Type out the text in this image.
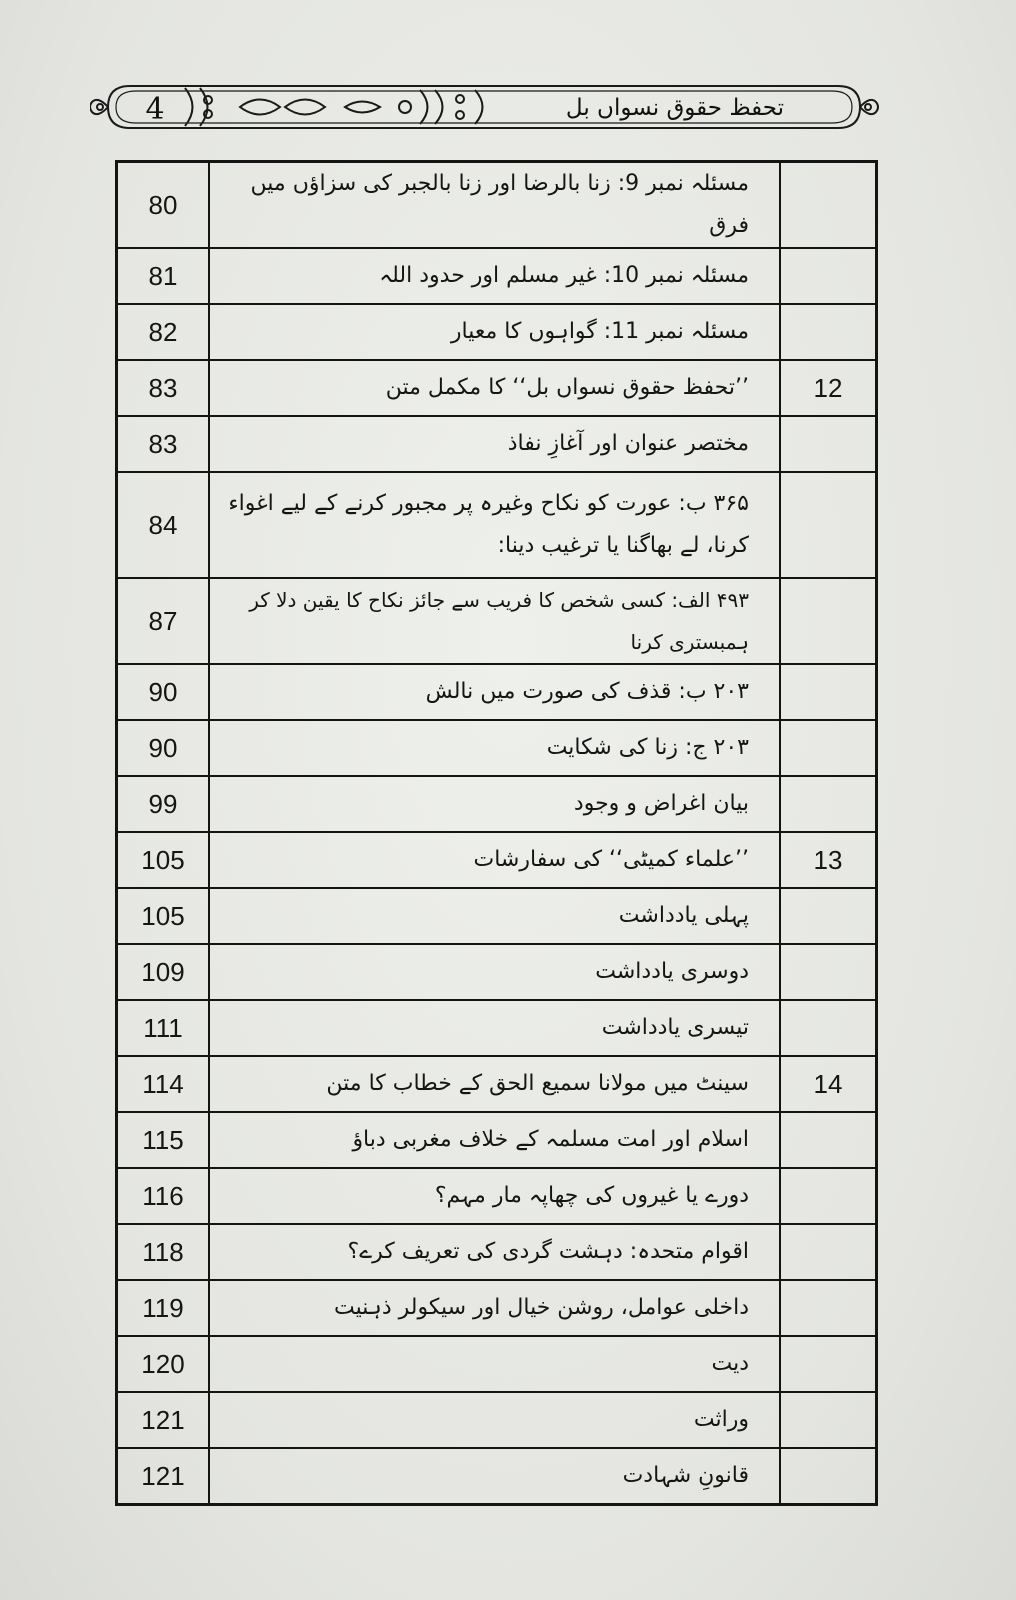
4	تحفظ حقوق نسواں بل
80	مسئلہ نمبر 9: زنا بالرضا اور زنا بالجبر کی سزاؤں میں فرق	
81	مسئلہ نمبر 10: غیر مسلم اور حدود اللہ	
82	مسئلہ نمبر 11: گواہوں کا معیار	
83	’’تحفظ حقوق نسواں بل‘‘ کا مکمل متن	12
83	مختصر عنوان اور آغازِ نفاذ	
84	۳۶۵ ب: عورت کو نکاح وغیرہ پر مجبور کرنے کے لیے اغواء کرنا، لے بھاگنا یا ترغیب دینا:	
87	۴۹۳ الف: کسی شخص کا فریب سے جائز نکاح کا یقین دلا کر ہمبستری کرنا	
90	۲۰۳ ب: قذف کی صورت میں نالش	
90	۲۰۳ ج: زنا کی شکایت	
99	بیان اغراض و وجود	
105	’’علماء کمیٹی‘‘ کی سفارشات	13
105	پہلی یادداشت	
109	دوسری یادداشت	
111	تیسری یادداشت	
114	سینٹ میں مولانا سمیع الحق کے خطاب کا متن	14
115	اسلام اور امت مسلمہ کے خلاف مغربی دباؤ	
116	دورے یا غیروں کی چھاپہ مار مہم؟	
118	اقوام متحدہ: دہشت گردی کی تعریف کرے؟	
119	داخلی عوامل، روشن خیال اور سیکولر ذہنیت	
120	دیت	
121	وراثت	
121	قانونِ شہادت	
